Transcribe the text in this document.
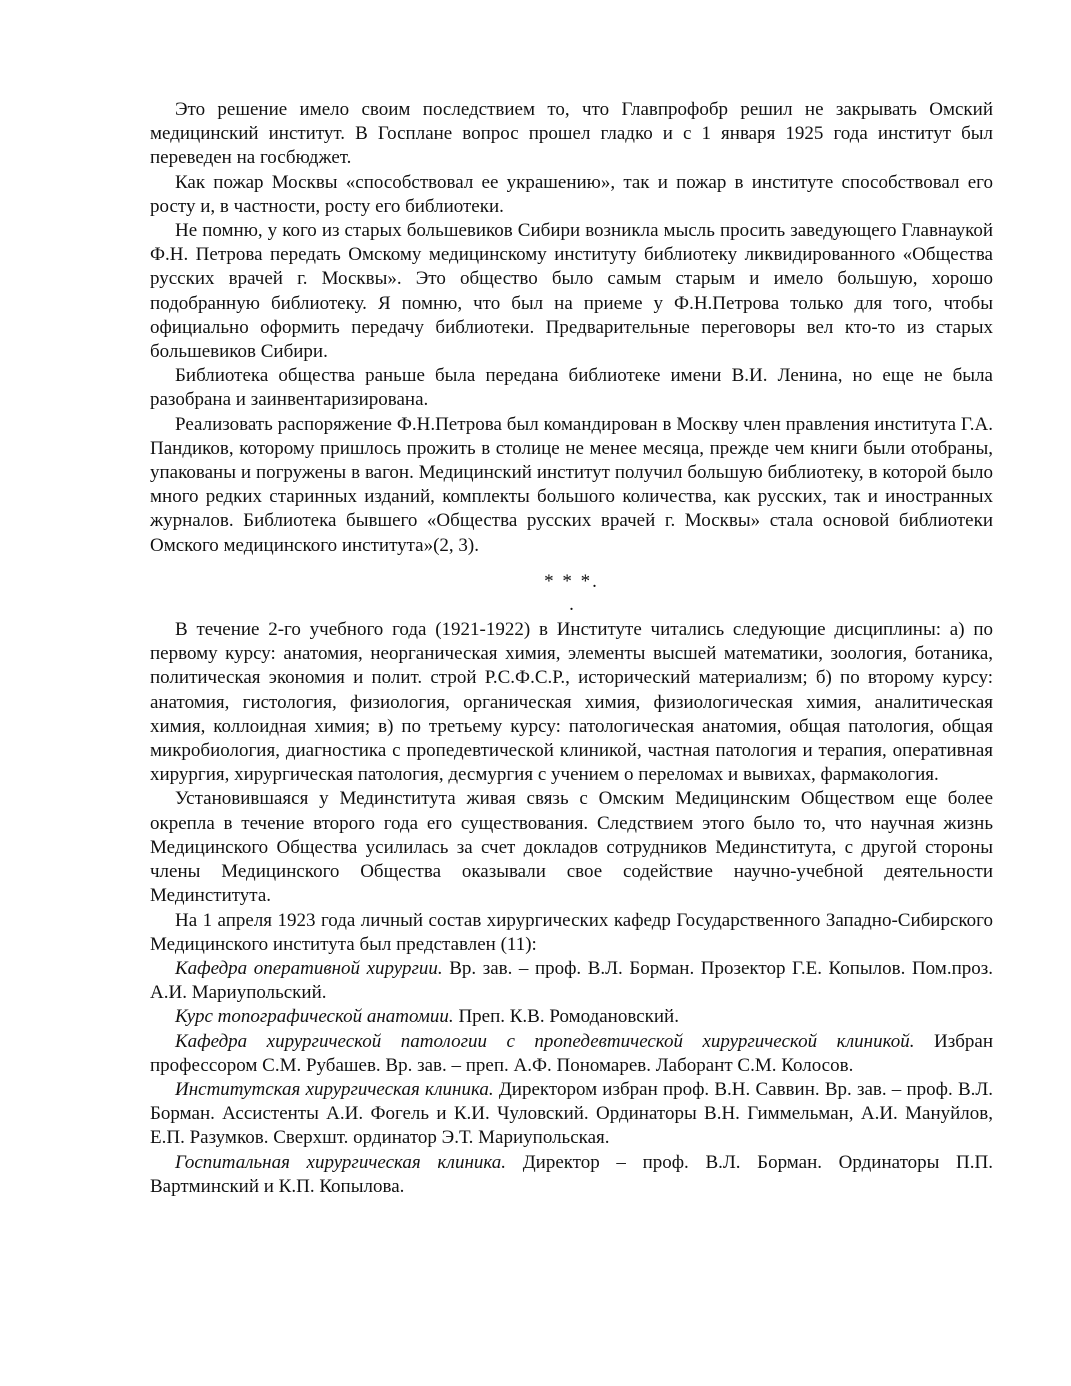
Это решение имело своим последствием то, что Главпрофобр решил не закрывать Омский медицинский институт. В Госплане вопрос прошел гладко и с 1 января 1925 года институт был переведен на госбюджет.

Как пожар Москвы «способствовал ее украшению», так и пожар в институте способствовал его росту и, в частности, росту его библиотеки.

Не помню, у кого из старых большевиков Сибири возникла мысль просить заведующего Главнаукой Ф.Н. Петрова передать Омскому медицинскому институту библиотеку ликвидированного «Общества русских врачей г. Москвы». Это общество было самым старым и имело большую, хорошо подобранную библиотеку. Я помню, что был на приеме у Ф.Н.Петрова только для того, чтобы официально оформить передачу библиотеки. Предварительные переговоры вел кто-то из старых большевиков Сибири.

Библиотека общества раньше была передана библиотеке имени В.И. Ленина, но еще не была разобрана и заинвентаризирована.

Реализовать распоряжение Ф.Н.Петрова был командирован в Москву член правления института Г.А. Пандиков, которому пришлось прожить в столице не менее месяца, прежде чем книги были отобраны, упакованы и погружены в вагон. Медицинский институт получил большую библиотеку, в которой было много редких старинных изданий, комплекты большого количества, как русских, так и иностранных журналов. Библиотека бывшего «Общества русских врачей г. Москвы» стала основой библиотеки Омского медицинского института»(2, 3).

* * *.

.

В течение 2-го учебного года (1921-1922) в Институте читались следующие дисциплины: а) по первому курсу: анатомия, неорганическая химия, элементы высшей математики, зоология, ботаника, политическая экономия и полит. строй Р.С.Ф.С.Р., исторический материализм; б) по второму курсу: анатомия, гистология, физиология, органическая химия, физиологическая химия, аналитическая химия, коллоидная химия; в) по третьему курсу: патологическая анатомия, общая патология, общая микробиология, диагностика с пропедевтической клиникой, частная патология и терапия, оперативная хирургия, хирургическая патология, десмургия с учением о переломах и вывихах, фармакология.

Установившаяся у Мединститута живая связь с Омским Медицинским Обществом еще более окрепла в течение второго года его существования. Следствием этого было то, что научная жизнь Медицинского Общества усилилась за счет докладов сотрудников Мединститута, с другой стороны члены Медицинского Общества оказывали свое содействие научно-учебной деятельности Мединститута.

На 1 апреля 1923 года личный состав хирургических кафедр Государственного Западно-Сибирского Медицинского института был представлен (11):

Кафедра оперативной хирургии. Вр. зав. – проф. В.Л. Борман. Прозектор Г.Е. Копылов. Пом.проз. А.И. Мариупольский.

Курс топографической анатомии. Преп. К.В. Ромодановский.

Кафедра хирургической патологии с пропедевтической хирургической клиникой. Избран профессором С.М. Рубашев. Вр. зав. – преп. А.Ф. Пономарев. Лаборант С.М. Колосов.

Институтская хирургическая клиника. Директором избран проф. В.Н. Саввин. Вр. зав. – проф. В.Л. Борман. Ассистенты А.И. Фогель и К.И. Чуловский. Ординаторы В.Н. Гиммельман, А.И. Мануйлов, Е.П. Разумков. Сверхшт. ординатор Э.Т. Мариупольская.

Госпитальная хирургическая клиника. Директор – проф. В.Л. Борман. Ординаторы П.П. Вартминский и К.П. Копылова.
